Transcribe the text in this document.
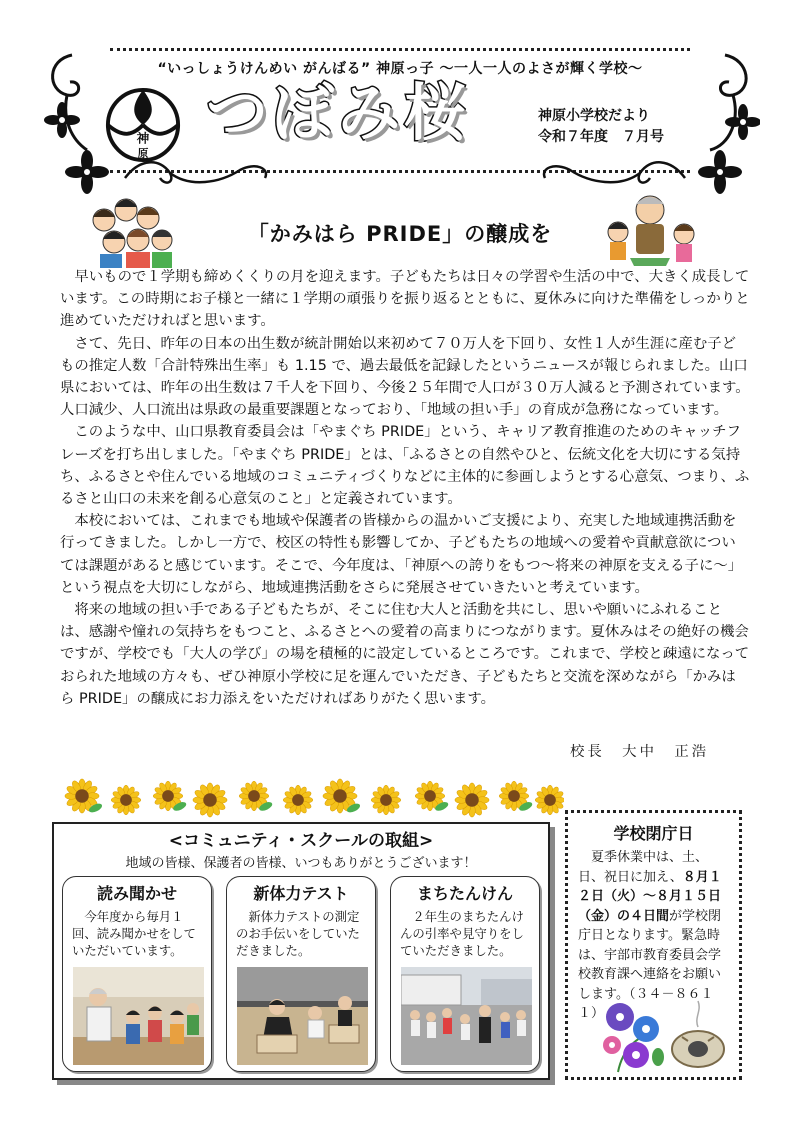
“いっしょうけんめい がんばる” 神原っ子 ～一人一人のよさが輝く学校～
神
原
つぼみ桜	神原小学校だより
令和７年度　７月号
「かみはら PRIDE」の醸成を

早いもので１学期も締めくくりの月を迎えます。子どもたちは日々の学習や生活の中で、大きく成長しています。この時期にお子様と一緒に１学期の頑張りを振り返るとともに、夏休みに向けた準備をしっかりと進めていただければと思います。

さて、先日、昨年の日本の出生数が統計開始以来初めて７０万人を下回り、女性１人が生涯に産む子どもの推定人数「合計特殊出生率」も 1.15 で、過去最低を記録したというニュースが報じられました。山口県においては、昨年の出生数は７千人を下回り、今後２５年間で人口が３０万人減ると予測されています。人口減少、人口流出は県政の最重要課題となっており、「地域の担い手」の育成が急務になっています。

このような中、山口県教育委員会は「やまぐち PRIDE」という、キャリア教育推進のためのキャッチフレーズを打ち出しました。「やまぐち PRIDE」とは、「ふるさとの自然やひと、伝統文化を大切にする気持ち、ふるさとや住んでいる地域のコミュニティづくりなどに主体的に参画しようとする心意気、つまり、ふるさと山口の未来を創る心意気のこと」と定義されています。

本校においては、これまでも地域や保護者の皆様からの温かいご支援により、充実した地域連携活動を行ってきました。しかし一方で、校区の特性も影響してか、子どもたちの地域への愛着や貢献意欲については課題があると感じています。そこで、今年度は、「神原への誇りをもつ～将来の神原を支える子に～」という視点を大切にしながら、地域連携活動をさらに発展させていきたいと考えています。

将来の地域の担い手である子どもたちが、そこに住む大人と活動を共にし、思いや願いにふれることは、感謝や憧れの気持ちをもつこと、ふるさとへの愛着の高まりにつながります。夏休みはその絶好の機会ですが、学校でも「大人の学び」の場を積極的に設定しているところです。これまで、学校と疎遠になっておられた地域の方々も、ぜひ神原小学校に足を運んでいただき、子どもたちと交流を深めながら「かみはら PRIDE」の醸成にお力添えをいただければありがたく思います。

校長　大中　正浩
<コミュニティ・スクールの取組>
地域の皆様、保護者の皆様、いつもありがとうございます！
読み聞かせ
今年度から毎月１回、読み聞かせをしていただいています。
新体力テスト
新体力テストの測定のお手伝いをしていただきました。
まちたんけん
２年生のまちたんけんの引率や見守りをしていただきました。
学校閉庁日
夏季休業中は、土、日、祝日に加え、８月１２日（火）～８月１５日（金）の４日間が学校閉庁日となります。緊急時は、宇部市教育委員会学校教育課へ連絡をお願いします。（３４－８６１１）
